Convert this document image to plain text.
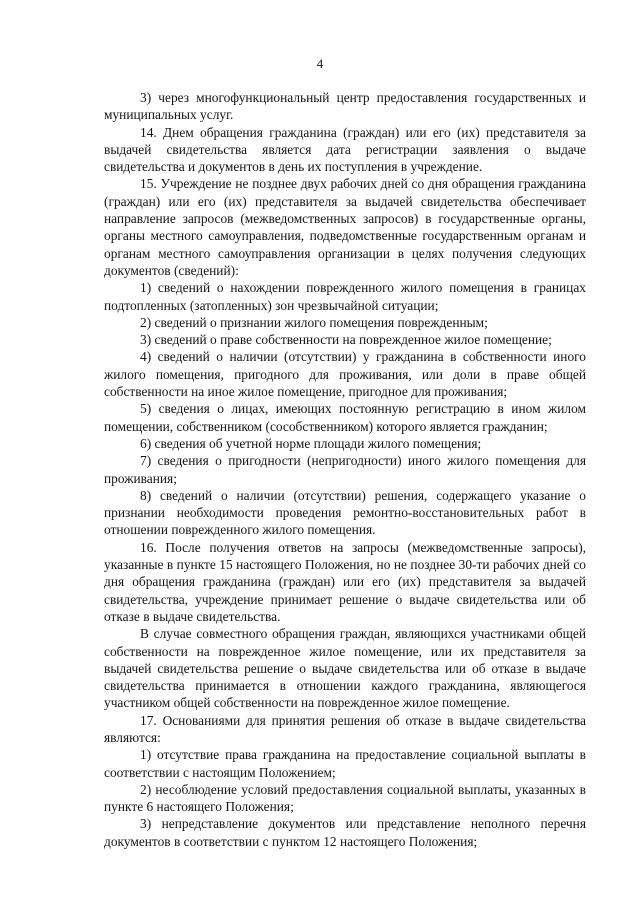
4

3) через многофункциональный центр предоставления государственных и муниципальных услуг.

14. Днем обращения гражданина (граждан) или его (их) представителя за выдачей свидетельства является дата регистрации заявления о выдаче свидетельства и документов в день их поступления в учреждение.

15. Учреждение не позднее двух рабочих дней со дня обращения гражданина (граждан) или его (их) представителя за выдачей свидетельства обеспечивает направление запросов (межведомственных запросов) в государственные органы, органы местного самоуправления, подведомственные государственным органам и органам местного самоуправления организации в целях получения следующих документов (сведений):

1) сведений о нахождении поврежденного жилого помещения в границах подтопленных (затопленных) зон чрезвычайной ситуации;

2) сведений о признании жилого помещения поврежденным;

3) сведений о праве собственности на поврежденное жилое помещение;

4) сведений о наличии (отсутствии) у гражданина в собственности иного жилого помещения, пригодного для проживания, или доли в праве общей собственности на иное жилое помещение, пригодное для проживания;

5) сведения о лицах, имеющих постоянную регистрацию в ином жилом помещении, собственником (сособственником) которого является гражданин;

6) сведения об учетной норме площади жилого помещения;

7) сведения о пригодности (непригодности) иного жилого помещения для проживания;

8) сведений о наличии (отсутствии) решения, содержащего указание о признании необходимости проведения ремонтно-восстановительных работ в отношении поврежденного жилого помещения.

16. После получения ответов на запросы (межведомственные запросы), указанные в пункте 15 настоящего Положения, но не позднее 30-ти рабочих дней со дня обращения гражданина (граждан) или его (их) представителя за выдачей свидетельства, учреждение принимает решение о выдаче свидетельства или об отказе в выдаче свидетельства.

В случае совместного обращения граждан, являющихся участниками общей собственности на поврежденное жилое помещение, или их представителя за выдачей свидетельства решение о выдаче свидетельства или об отказе в выдаче свидетельства принимается в отношении каждого гражданина, являющегося участником общей собственности на поврежденное жилое помещение.

17. Основаниями для принятия решения об отказе в выдаче свидетельства являются:

1) отсутствие права гражданина на предоставление социальной выплаты в соответствии с настоящим Положением;

2) несоблюдение условий предоставления социальной выплаты, указанных в пункте 6 настоящего Положения;

3) непредставление документов или представление неполного перечня документов в соответствии с пунктом 12 настоящего Положения;
